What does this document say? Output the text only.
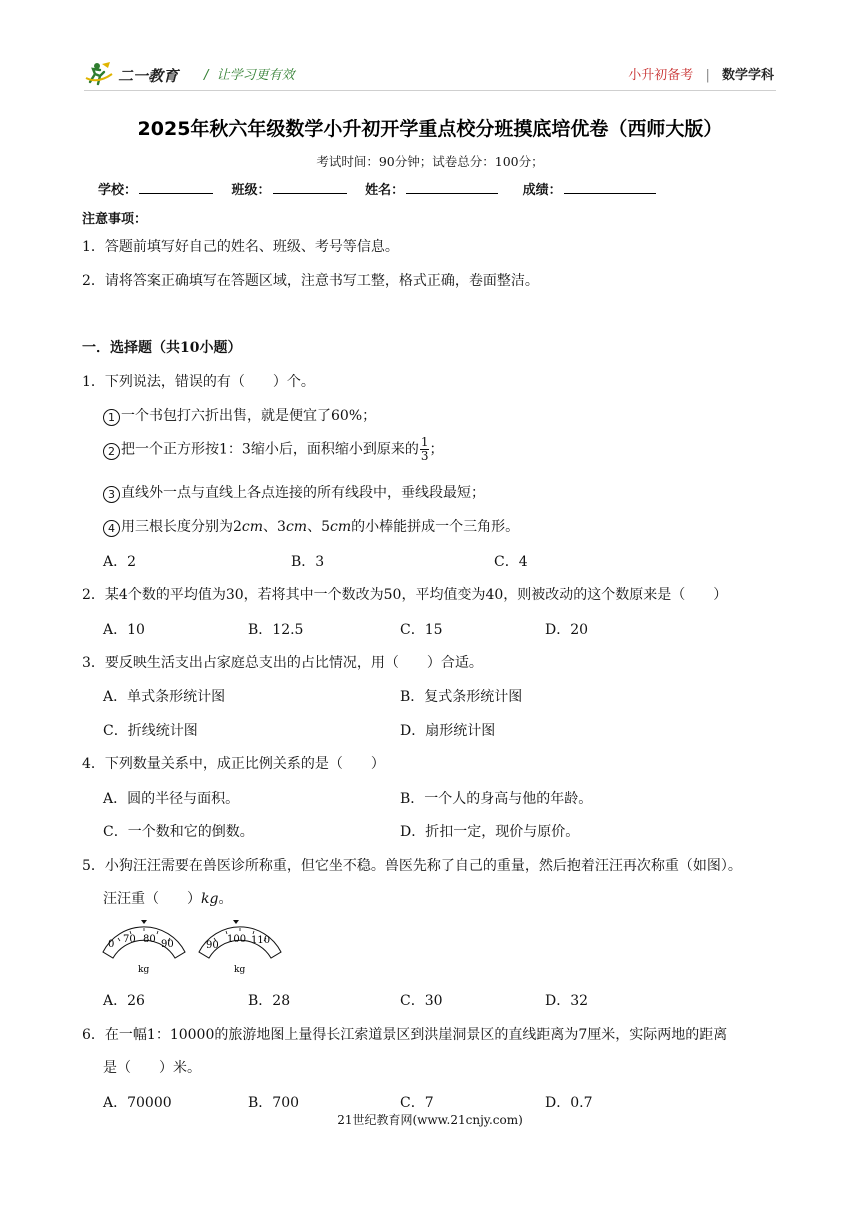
二一教育 /  让学习更有效	小升初备考 | 数学学科
2025年秋六年级数学小升初开学重点校分班摸底培优卷（西师大版）
考试时间：90分钟；试卷总分：100分；
学校：	班级：	姓名：	成绩：
注意事项：
1．答题前填写好自己的姓名、班级、考号等信息。
2．请将答案正确填写在答题区域，注意书写工整，格式正确，卷面整洁。
一．选择题（共10小题）
1．下列说法，错误的有（　　）个。
1 一个书包打六折出售，就是便宜了60%；
2 把一个正方形按1：3缩小后，面积缩小到原来的 $\frac{1}{3}$ ；
3 直线外一点与直线上各点连接的所有线段中，垂线段最短；
4 用三根长度分别为2cm、3cm、5cm的小棒能拼成一个三角形。
A．2	B．3	C．4
2．某4个数的平均值为30，若将其中一个数改为50，平均值变为40，则被改动的这个数原来是（　　）
A．10	B．12.5	C．15	D．20
3．要反映生活支出占家庭总支出的占比情况，用（　　）合适。
A．单式条形统计图	B．复式条形统计图
C．折线统计图	D．扇形统计图
4．下列数量关系中，成正比例关系的是（　　）
A．圆的半径与面积。	B．一个人的身高与他的年龄。
C．一个数和它的倒数。	D．折扣一定，现价与原价。
5．小狗汪汪需要在兽医诊所称重，但它坐不稳。兽医先称了自己的重量，然后抱着汪汪再次称重（如图）。
汪汪重（　　）kg。
0 70 80 90
kg
90
100 110
kg
A．26	B．28	C．30	D．32
6．在一幅1：10000的旅游地图上量得长江索道景区到洪崖洞景区的直线距离为7厘米，实际两地的距离
是（　　）米。
A．70000	B．700	C．7	D．0.7
21世纪教育网(www.21cnjy.com)
